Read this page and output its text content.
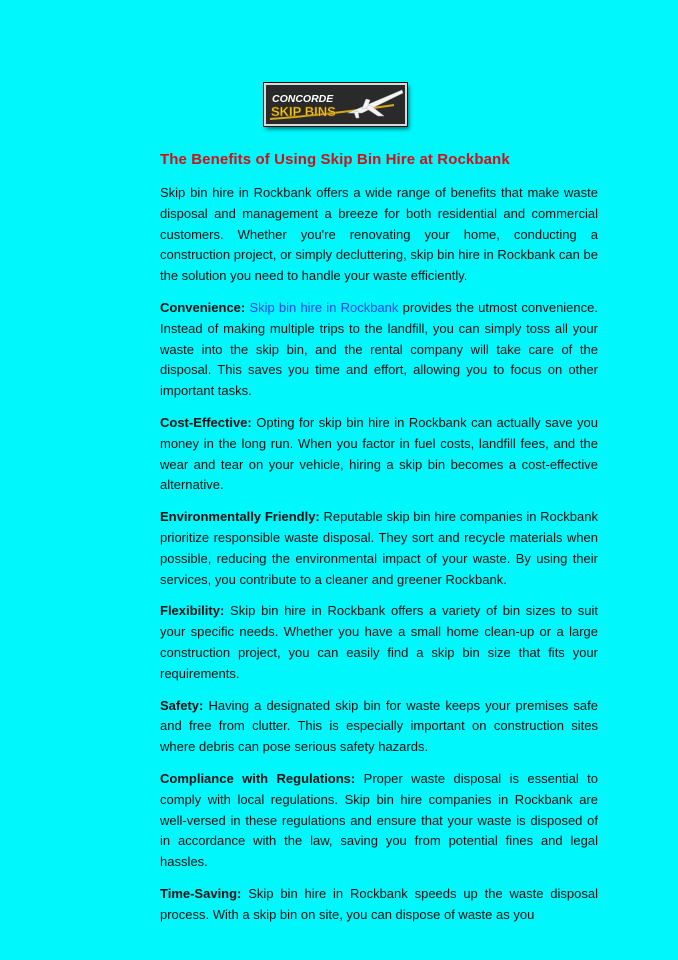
CONCORDE
SKIP BINS
The Benefits of Using Skip Bin Hire at Rockbank

Skip bin hire in Rockbank offers a wide range of benefits that make waste disposal and management a breeze for both residential and commercial customers. Whether you're renovating your home, conducting a construction project, or simply decluttering, skip bin hire in Rockbank can be the solution you need to handle your waste efficiently.

Convenience: Skip bin hire in Rockbank provides the utmost convenience. Instead of making multiple trips to the landfill, you can simply toss all your waste into the skip bin, and the rental company will take care of the disposal. This saves you time and effort, allowing you to focus on other important tasks.

Cost-Effective: Opting for skip bin hire in Rockbank can actually save you money in the long run. When you factor in fuel costs, landfill fees, and the wear and tear on your vehicle, hiring a skip bin becomes a cost-effective alternative.

Environmentally Friendly: Reputable skip bin hire companies in Rockbank prioritize responsible waste disposal. They sort and recycle materials when possible, reducing the environmental impact of your waste. By using their services, you contribute to a cleaner and greener Rockbank.

Flexibility: Skip bin hire in Rockbank offers a variety of bin sizes to suit your specific needs. Whether you have a small home clean-up or a large construction project, you can easily find a skip bin size that fits your requirements.

Safety: Having a designated skip bin for waste keeps your premises safe and free from clutter. This is especially important on construction sites where debris can pose serious safety hazards.

Compliance with Regulations: Proper waste disposal is essential to comply with local regulations. Skip bin hire companies in Rockbank are well-versed in these regulations and ensure that your waste is disposed of in accordance with the law, saving you from potential fines and legal hassles.

Time-Saving: Skip bin hire in Rockbank speeds up the waste disposal process. With a skip bin on site, you can dispose of waste as you
